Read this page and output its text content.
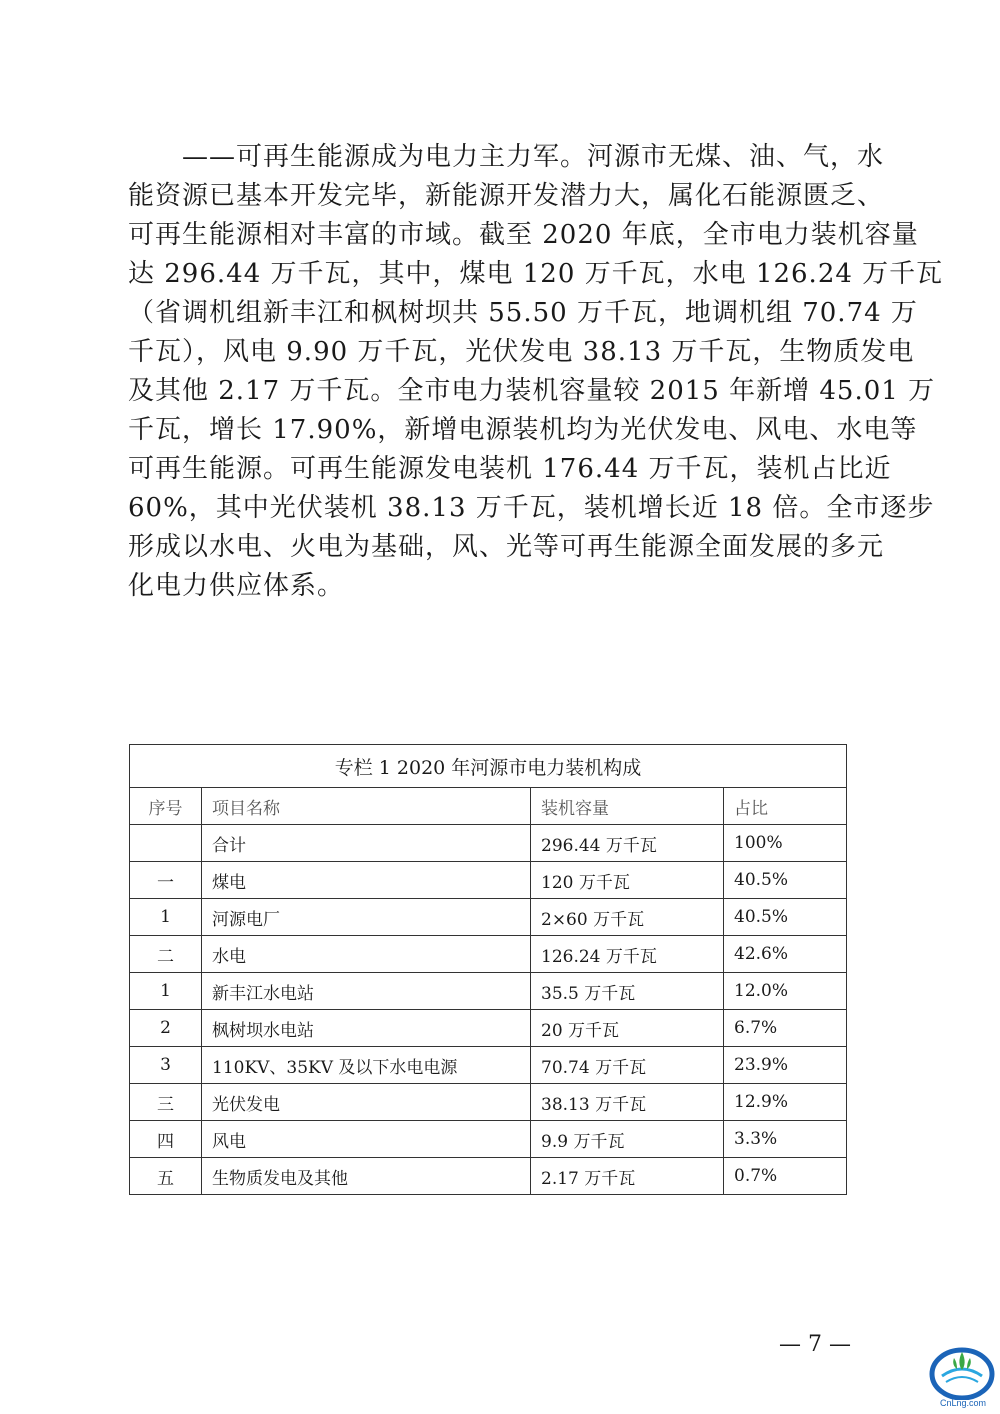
　　——可再生能源成为电力主力军。河源市无煤、油、气，水
能资源已基本开发完毕，新能源开发潜力大，属化石能源匮乏、
可再生能源相对丰富的市域。截至 2020 年底，全市电力装机容量
达 296.44 万千瓦，其中，煤电 120 万千瓦，水电 126.24 万千瓦
（省调机组新丰江和枫树坝共 55.50 万千瓦，地调机组 70.74 万
千瓦），风电 9.90 万千瓦，光伏发电 38.13 万千瓦，生物质发电
及其他 2.17 万千瓦。全市电力装机容量较 2015 年新增 45.01 万
千瓦，增长 17.90%，新增电源装机均为光伏发电、风电、水电等
可再生能源。可再生能源发电装机 176.44 万千瓦，装机占比近
60%，其中光伏装机 38.13 万千瓦，装机增长近 18 倍。全市逐步
形成以水电、火电为基础，风、光等可再生能源全面发展的多元
化电力供应体系。
专栏 1 2020 年河源市电力装机构成			
序号	项目名称	装机容量	占比
	合计	296.44 万千瓦	100%
一	煤电	120 万千瓦	40.5%
1	河源电厂	2×60 万千瓦	40.5%
二	水电	126.24 万千瓦	42.6%
1	新丰江水电站	35.5 万千瓦	12.0%
2	枫树坝水电站	20 万千瓦	6.7%
3	110KV、35KV 及以下水电电源	70.74 万千瓦	23.9%
三	光伏发电	38.13 万千瓦	12.9%
四	风电	9.9 万千瓦	3.3%
五	生物质发电及其他	2.17 万千瓦	0.7%
— 7 —
CnLng.com
